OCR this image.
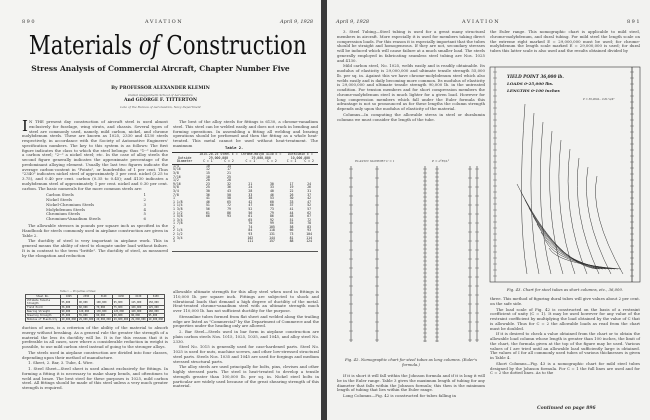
890	AVIATION	April 9, 1928
Materials of Construction
Stress Analysis of Commercial Aircraft, Chapter Number Five
By PROFESSOR ALEXANDER KLEMIN
Daniel Guggenheim School of Aeronautics
And GEORGE F. TITTERTON
Late of the Bureau of Aeronautics, Navy Department
I N THE present day construction of aircraft steel is used almost exclusively for fuselage, wing struts, and chassis. Several types of steel are commonly used, namely, mild carbon, nickel, and chrome molybdenum steels. These are known as 1025, 2330 and 4130 steels respectively, in accordance with the Society of Automotive Engineers' specification numbers. The key to this system is as follows: The first figure indicates the class to which the steel belongs: thus "1--" indicates a carbon steel; "2--" a nickel steel; etc. In the case of alloy steels the second figure generally indicates the approximate percentage of the predominant alloying element. Usually the last two figures indicate the average carbon-content in "Points", or hundredths of 1 per cent. Thus "2340" indicates nickel steel of approximately 3 per cent. nickel (3.25 to 3.75), and 0.40 per cent. carbon (0.35 to 0.45); and 4130 indicates a molybdenum steel of approximately 1 per cent. nickel and 0.30 per cent. carbon. The basic numerals for the more common steels are:

Carbon Steels	1
Nickel Steels	2
Nickel-Chromium Steels	3
Molybdenum Steels	4
Chromium Steels	5
Chromium-Vanadium Steels	6

The allowable stresses in pounds per square inch as specified in the Handbook for steels commonly used in airplane construction are given in Table 2.

The ductility of steel is very important in airplane work. This in general means the ability of steel to elongate under load without failure. It is in contrast to the term "brittle". The ductility of steel, as measured by the elongation and reduction

Table 1 — Properties of Steel
Steel No.	1025	2330	3140	4130	6130	6150
Ultimate Tensile Strength	55,000	90,000	100,000	95,000	125,000	150,000
Yield Point	36,000	60,000	70,000	75,000	100,000	125,000
Bearing Strength	90,000	120,000	130,000	125,000	160,000	180,000
Shearing Strength	35,000	55,000	60,000	60,000	80,000	95,000
Modulus of Elasticity	29,000,000	29,000,000	29,000,000	29,000,000	29,000,000	29,000,000

duction of area, is a criterion of the ability of the material to absorb energy without breaking. As a general rule the greater the strength of a material the less its ductility will be. It is for this reason that it is preferable in all cases, save where a considerable reduction in weight is possible, to use mild carbon steel instead of going to the stronger alloys.

The steels used in airplane construction are divided into four classes, depending upon their method of manufacture.

1. Sheet, 2. Bar, 3. Tube, 4. Wire.

1. Steel Sheet—Steel sheet is used almost exclusively for fittings. In forming a fitting it is necessary to make sharp bends, and oftentimes to weld and braze. The best steel for these purposes is 1025, mild carbon steel. All fittings should be made of this steel unless a very much greater strength is required.

The best of the alloy steels for fittings is 6130, a chrome-vanadium steel. This steel can be welded easily and does not crack in bending and forming operations. In assembling a fitting all welding and brazing operations should be performed and then the fitting as a whole heat-treated. This metal cannot be used without heat-treatment. The maximum	Table 2.
Outside Diameter	1015-20-25 Steel E = 29,000,000		Chrome-molyb 4130 E = 29,000,000		Duralumin E = 10,000,000	
	C = 1	C = 2	C = 1	C = 2	C = 1	C = 2
1/4	10	14				
5/16	12	17				
3/8	15	21				
7/16	18	25				
1/2	20	28				
9/16	23	32	21	30	17	24
5/8	25	36	24	33	19	26
3/4	30	43	28	40	22	31
7/8	36	50	33	46	26	37
1	41	58	38	53	30	42
1 1/8	46	65	42	60	33	47
1 1/4	51	72	47	66	37	52
1 3/8	56	79	52	73	41	57
1 1/2	61	86	56	79	44	62
1 5/8	66	93	61	86	48	67
1 3/4			65	92	51	72
1 7/8			70	99	55	78
2			74	105	58	83
2 1/4			84	118	66	93
2 1/2			93	131	73	104
2 3/4			102	144	81	114
3			111	157	88	124

allowable ultimate strength for this alloy steel when used in fittings is 110,000 lb. per square inch. Fittings are subjected to shock and vibrational loads that demand a high degree of ductility of the metal. Heat-treated chrome-vanadium steel with an ultimate strength much over 110,000 lb. has not sufficient ductility for the purpose.

Streamline tubes formed from flat sheet and welded along the trailing edge are listed as "Commercial" by the Department of Commerce and the properties under the heading only are allowed.

2. Bar Steel—Steels used in bar form in airplane construction are plain carbon steels Nos. 1015, 1025, 1035, and 1045, and alloy steel No. 2330.

Steel No. 1015 is generally used for case-hardened parts. Steel No. 1025 is used for nuts, machine screws, and other low-stressed structural steel parts. Steels Nos. 1035 and 1045 are used for forgings and medium stressed structural parts.

The alloy steels are used principally for bolts, pins, clevises and other highly stressed parts. The steel is heat-treated to develop a tensile strength greater than 100,000 lb. per sq. in. Nickel steel bolts in particular are widely used because of the great shearing strength of this material.

April 9, 1928	AVIATION	891

3. Steel Tubing—Steel tubing is used for a great many structural members in aircraft. More especially it is used for members taking direct compression loads. For this reason it is especially important that the tubes should be straight and homogeneous. If they are not, secondary stresses will be induced which will cause failure at a much smaller load. The steels generally employed in fabricating seamless steel tubing are Nos. 1025 and 4130.

Mild carbon steel, No. 1025, welds easily and is readily obtainable. Its modulus of elasticity is 29,000,000 and ultimate tensile strength 55,000 lb. per sq. in. Against this we have chrome-molybdenum steel which also welds easily and is daily becoming more common. Its modulus of elasticity is 29,000,000 and ultimate tensile strength 90,000 lb. in the untreated condition. For tension members and for short compression members the chrome-molybdenum steel is much lighter for a given load. However for long compression members which fall under the Euler formula this advantage is not so pronounced as for these lengths the column strength depends only upon the modulus of elasticity of the material.

Columns—In computing the allowable stress in steel or duralumin columns we must consider the length of the tube.

ELASTIC SUPPORT C = 1	P = π²EI/L²
Fig. 42. Nomographic chart for steel tubes as long columns. (Euler's formula.)

If it is short it will fall within the Johnson formula and if it is long it will be in the Euler range. Table 3 gives the maximum length of tubing for any diameter that falls within the Johnson formula; this then is the minimum length of tubing that lies within the Euler range.

Long Columns—Fig. 42 is constructed for tubes falling in

the Euler range. This nomographic chart is applicable to mild steel, chrome-molybdenum, and dural tubing. For mild steel the length scale on the extreme right marked E = 29,000,000 must be used; for chrome-molybdenum the length scale marked E = 29,000,000 is used; for dural tubes this latter scale is also used and the results obtained divided by

YIELD POINT 36,000 lb.
LOADS 0-25,000 lbs.
LENGTHS 0-100 inches
P = 36,000A - 0.6L²A/K²
Fig. 43. Chart for steel tubes as short columns, etc., 36,000.

three. This method of figuring dural tubes will give values about 2 per cent. on the safe side.

The load scale of Fig. 42 is constructed on the basis of a restraint coefficient of unity (C = 1). It may be used however for any value of the restraint coefficient by multiplying the load obtained by the value of C that is allowable. Thus for C = 2 the allowable loads as read from the chart must be doubled.

If it is desired to check a value obtained from the chart or to obtain the allowable load column whose length is greater than 100 inches, the limit of the chart, the formula given at the top of the figure may be used. Various values of I are tried until an allowable load sufficiently large is obtained. The values of I for all commonly used tubes of various thicknesses is given in Table 4.

Short Columns—Fig. 43 is a nomographic chart for mild steel tubes designed by the Johnson formula. For C = 1 the full lines are used and for C = 2 the dotted lines. As to the

Continued on page 896
